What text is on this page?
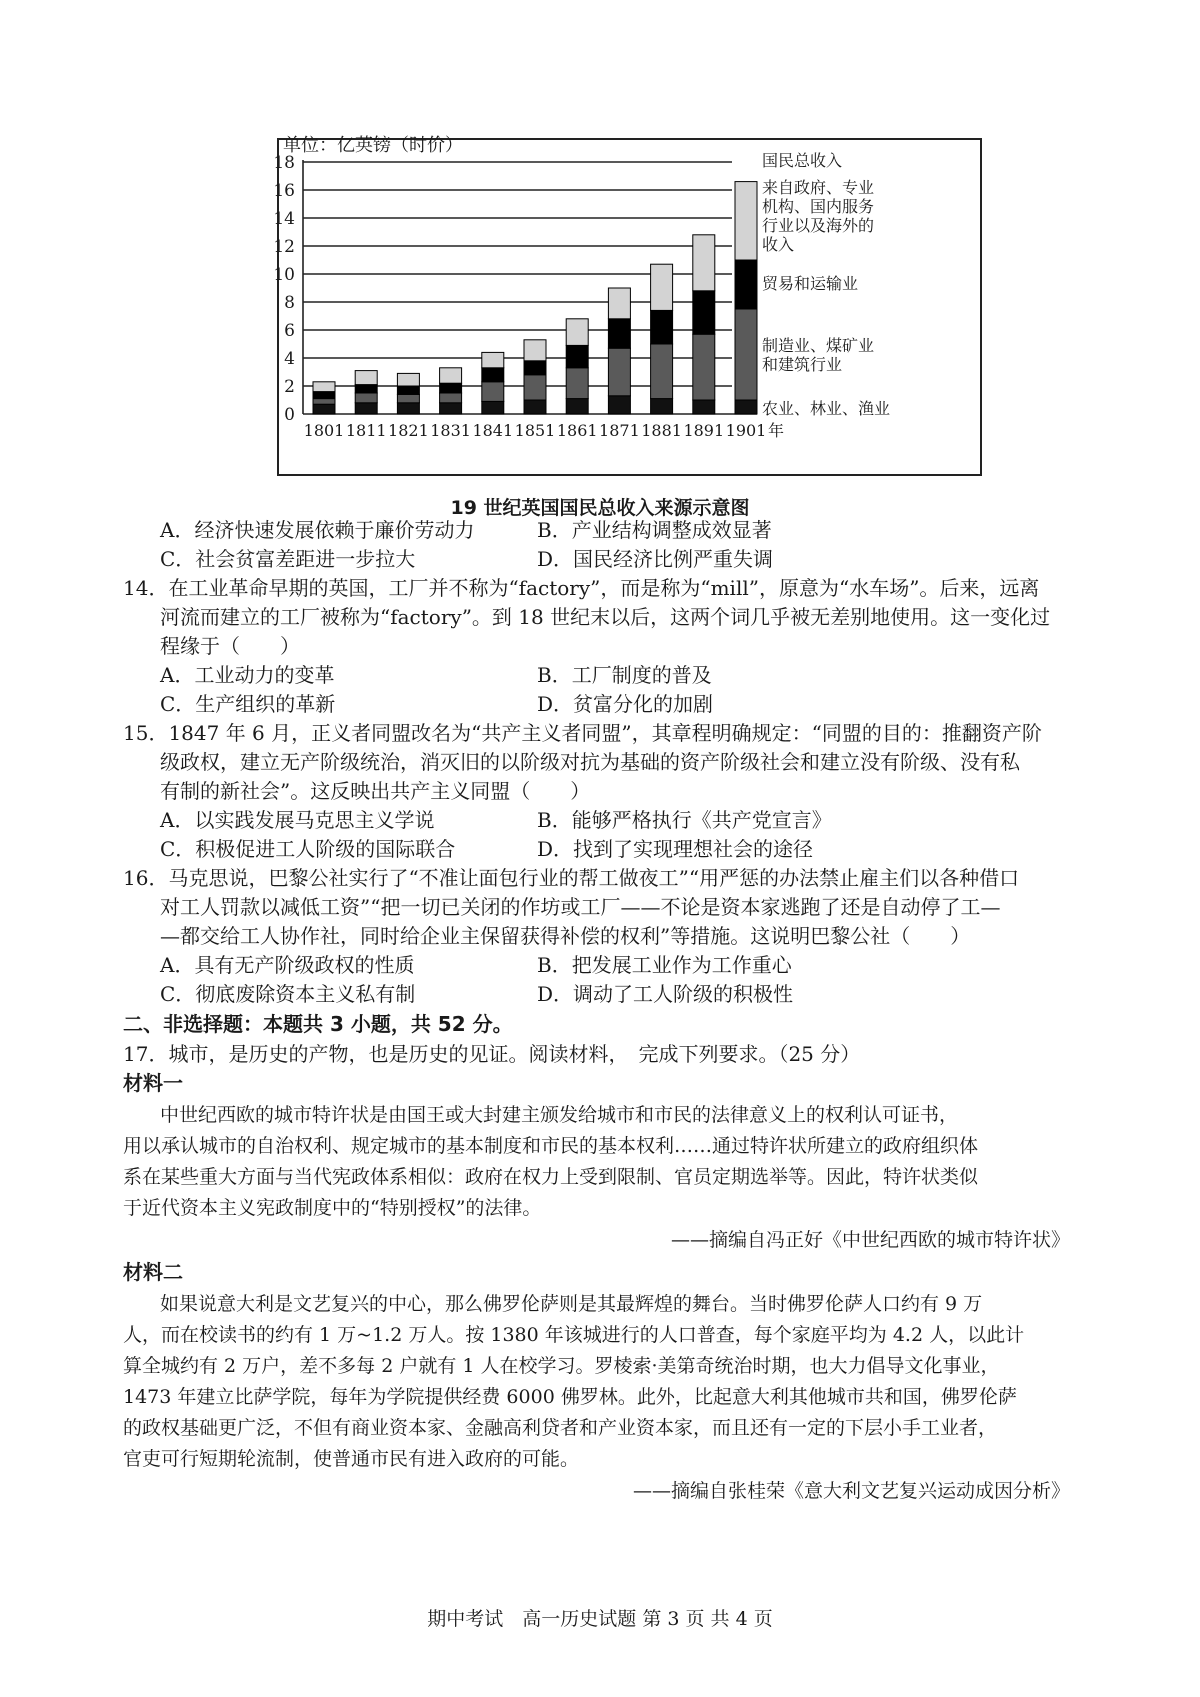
单位：亿英镑（时价）
0
2
4
6
8
10
12
14
16
18
1801 1811 1821 1831 1841 1851 1861 1871 1881 1891 1901 年
国民总收入
来自政府、专业
机构、国内服务
行业以及海外的
收入
贸易和运输业
制造业、煤矿业
和建筑行业
农业、林业、渔业
19 世纪英国国民总收入来源示意图
A．经济快速发展依赖于廉价劳动力	B．产业结构调整成效显著
C．社会贫富差距进一步拉大	D．国民经济比例严重失调
14．在工业革命早期的英国，工厂并不称为“factory”，而是称为“mill”，原意为“水车场”。后来，远离
河流而建立的工厂被称为“factory”。到 18 世纪末以后，这两个词几乎被无差别地使用。这一变化过
程缘于（　　）
A．工业动力的变革	B．工厂制度的普及
C．生产组织的革新	D．贫富分化的加剧
15．1847 年 6 月，正义者同盟改名为“共产主义者同盟”，其章程明确规定：“同盟的目的：推翻资产阶
级政权，建立无产阶级统治，消灭旧的以阶级对抗为基础的资产阶级社会和建立没有阶级、没有私
有制的新社会”。这反映出共产主义同盟（　　）
A．以实践发展马克思主义学说	B．能够严格执行《共产党宣言》
C．积极促进工人阶级的国际联合	D．找到了实现理想社会的途径
16．马克思说，巴黎公社实行了“不准让面包行业的帮工做夜工”“用严惩的办法禁止雇主们以各种借口
对工人罚款以减低工资”“把一切已关闭的作坊或工厂——不论是资本家逃跑了还是自动停了工—
—都交给工人协作社，同时给企业主保留获得补偿的权利”等措施。这说明巴黎公社（　　）
A．具有无产阶级政权的性质	B．把发展工业作为工作重心
C．彻底废除资本主义私有制	D．调动了工人阶级的积极性
二、非选择题：本题共 3 小题，共 52 分。
17．城市，是历史的产物，也是历史的见证。阅读材料，　完成下列要求。（25 分）
材料一
中世纪西欧的城市特许状是由国王或大封建主颁发给城市和市民的法律意义上的权利认可证书，
用以承认城市的自治权利、规定城市的基本制度和市民的基本权利……通过特许状所建立的政府组织体
系在某些重大方面与当代宪政体系相似：政府在权力上受到限制、官员定期选举等。因此，特许状类似
于近代资本主义宪政制度中的“特别授权”的法律。
——摘编自冯正好《中世纪西欧的城市特许状》
材料二
如果说意大利是文艺复兴的中心，那么佛罗伦萨则是其最辉煌的舞台。当时佛罗伦萨人口约有 9 万
人，而在校读书的约有 1 万~1.2 万人。按 1380 年该城进行的人口普查，每个家庭平均为 4.2 人，以此计
算全城约有 2 万户，差不多每 2 户就有 1 人在校学习。罗棱索·美第奇统治时期，也大力倡导文化事业，
1473 年建立比萨学院，每年为学院提供经费 6000 佛罗林。此外，比起意大利其他城市共和国，佛罗伦萨
的政权基础更广泛，不但有商业资本家、金融高利贷者和产业资本家，而且还有一定的下层小手工业者，
官吏可行短期轮流制，使普通市民有进入政府的可能。
——摘编自张桂荣《意大利文艺复兴运动成因分析》
期中考试　高一历史试题 第 3 页 共 4 页
